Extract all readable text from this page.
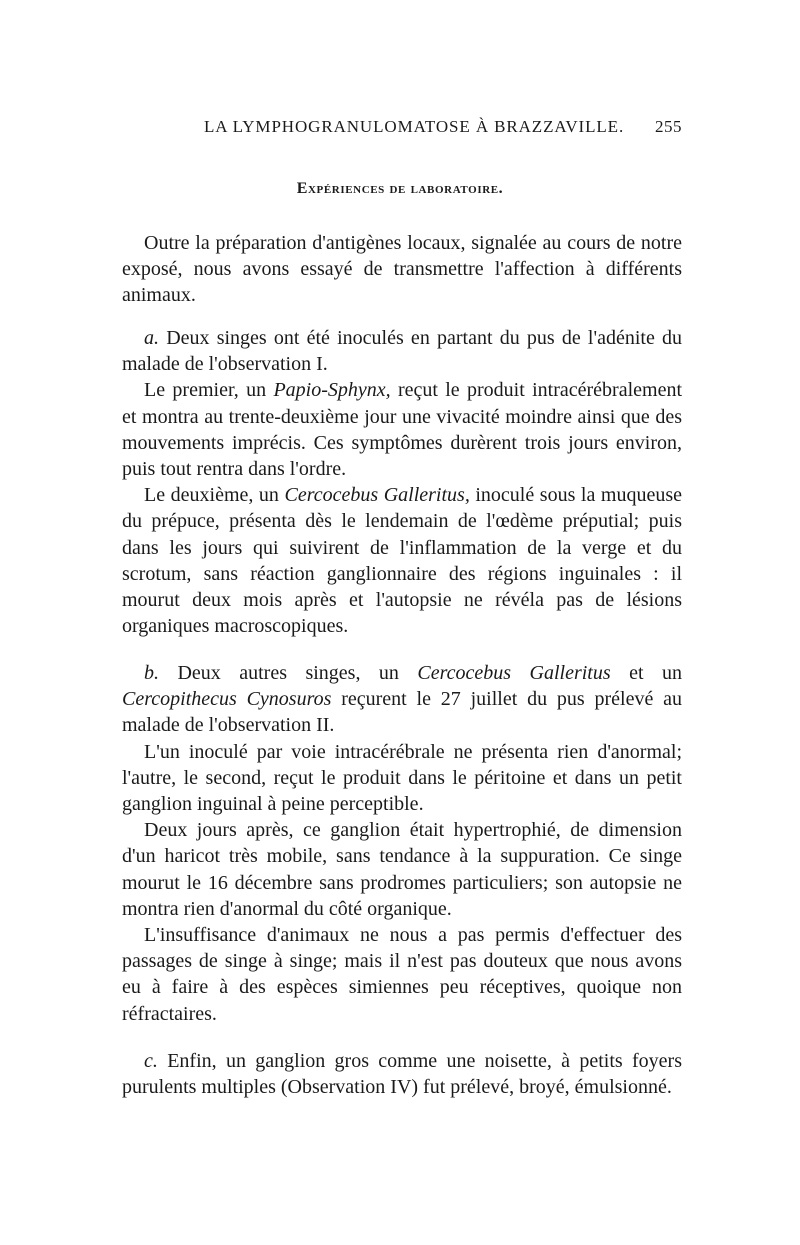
LA LYMPHOGRANULOMATOSE À BRAZZAVILLE. 255
Expériences de laboratoire.

Outre la préparation d'antigènes locaux, signalée au cours de notre exposé, nous avons essayé de transmettre l'affection à différents animaux.

a. Deux singes ont été inoculés en partant du pus de l'adénite du malade de l'observation I.

Le premier, un Papio-Sphynx, reçut le produit intracérébralement et montra au trente-deuxième jour une vivacité moindre ainsi que des mouvements imprécis. Ces symptômes durèrent trois jours environ, puis tout rentra dans l'ordre.

Le deuxième, un Cercocebus Galleritus, inoculé sous la muqueuse du prépuce, présenta dès le lendemain de l'œdème préputial; puis dans les jours qui suivirent de l'inflammation de la verge et du scrotum, sans réaction ganglionnaire des régions inguinales : il mourut deux mois après et l'autopsie ne révéla pas de lésions organiques macroscopiques.

b. Deux autres singes, un Cercocebus Galleritus et un Cercopithecus Cynosuros reçurent le 27 juillet du pus prélevé au malade de l'observation II.

L'un inoculé par voie intracérébrale ne présenta rien d'anormal; l'autre, le second, reçut le produit dans le péritoine et dans un petit ganglion inguinal à peine perceptible.

Deux jours après, ce ganglion était hypertrophié, de dimension d'un haricot très mobile, sans tendance à la suppuration. Ce singe mourut le 16 décembre sans prodromes particuliers; son autopsie ne montra rien d'anormal du côté organique.

L'insuffisance d'animaux ne nous a pas permis d'effectuer des passages de singe à singe; mais il n'est pas douteux que nous avons eu à faire à des espèces simiennes peu réceptives, quoique non réfractaires.

c. Enfin, un ganglion gros comme une noisette, à petits foyers purulents multiples (Observation IV) fut prélevé, broyé, émulsionné.
